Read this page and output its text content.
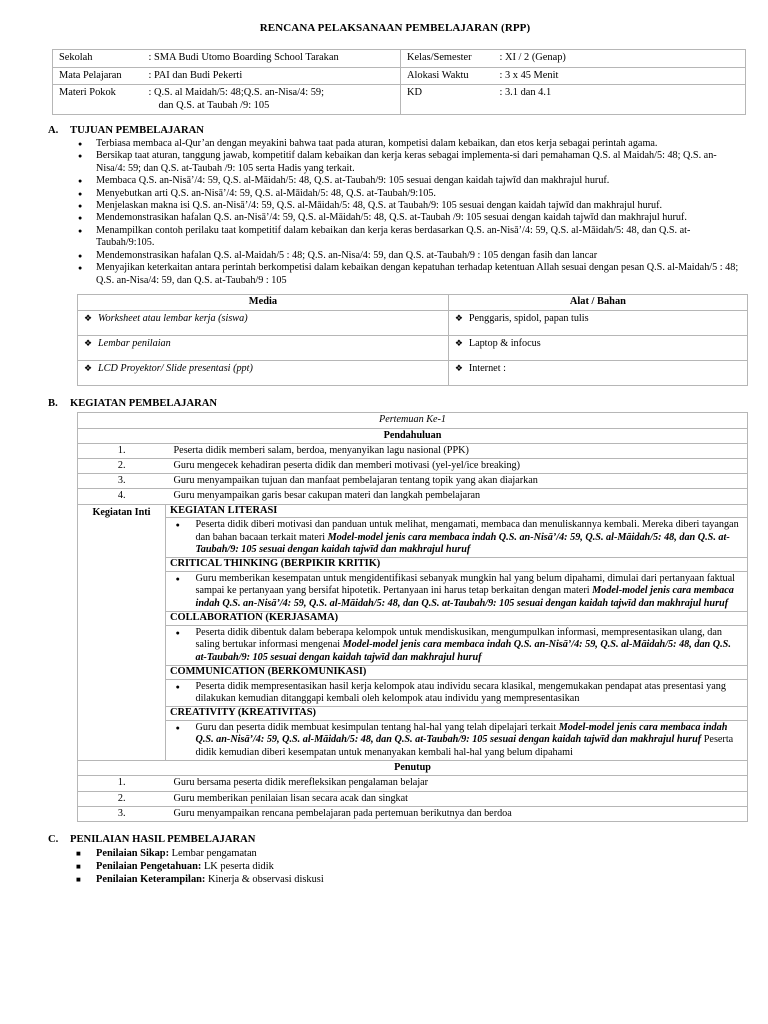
RENCANA PELAKSANAAN PEMBELAJARAN (RPP)
Sekolah	: SMA Budi Utomo Boarding School Tarakan	Kelas/Semester	: XI / 2 (Genap)
Mata Pelajaran	: PAI dan Budi Pekerti	Alokasi Waktu	: 3 x 45 Menit
Materi Pokok	: Q.S. al Maidah/5: 48;Q.S. an-Nisa/4: 59;
dan Q.S. at Taubah /9: 105	KD	: 3.1 dan 4.1
A.	TUJUAN PEMBELAJARAN
● Terbiasa membaca al-Qur’an dengan meyakini bahwa taat pada aturan, kompetisi dalam kebaikan, dan etos kerja sebagai perintah agama.
● Bersikap taat aturan, tanggung jawab, kompetitif dalam kebaikan dan kerja keras sebagai implementa-si dari pemahaman Q.S. al Maidah/5: 48; Q.S. an-Nisa/4: 59; dan Q.S. at-Taubah /9: 105 serta Hadis yang terkait.
● Membaca Q.S. an-Nisā’/4: 59, Q.S. al-Māidah/5: 48, Q.S. at-Taubah/9: 105 sesuai dengan kaidah tajwīd dan makhrajul huruf.
● Menyebutkan arti Q.S. an-Nisā’/4: 59, Q.S. al-Māidah/5: 48, Q.S. at-Taubah/9:105.
● Menjelaskan makna isi Q.S. an-Nisā’/4: 59, Q.S. al-Māidah/5: 48, Q.S. at Taubah/9: 105 sesuai dengan kaidah tajwīd dan makhrajul huruf.
● Mendemonstrasikan hafalan Q.S. an-Nisā’/4: 59, Q.S. al-Māidah/5: 48, Q.S. at-Taubah /9: 105 sesuai dengan kaidah tajwīd dan makhrajul huruf.
● Menampilkan contoh perilaku taat kompetitif dalam kebaikan dan kerja keras berdasarkan Q.S. an-Nisā’/4: 59, Q.S. al-Māidah/5: 48, dan Q.S. at-Taubah/9:105.
● Mendemonstrasikan hafalan Q.S. al-Maidah/5 : 48; Q.S. an-Nisa/4: 59, dan Q.S. at-Taubah/9 : 105 dengan fasih dan lancar
● Menyajikan keterkaitan antara perintah berkompetisi dalam kebaikan dengan kepatuhan terhadap ketentuan Allah sesuai dengan pesan Q.S. al-Maidah/5 : 48; Q.S. an-Nisa/4: 59, dan Q.S. at-Taubah/9 : 105
Media	Alat / Bahan
❖ Worksheet atau lembar kerja (siswa)	❖ Penggaris, spidol, papan tulis
❖ Lembar penilaian	❖ Laptop & infocus
❖ LCD Proyektor/ Slide presentasi (ppt)	❖ Internet :
B.	KEGIATAN PEMBELAJARAN
Pertemuan Ke-1		
Pendahuluan		
1.	Peserta didik memberi salam, berdoa, menyanyikan lagu nasional (PPK)	
2.	Guru mengecek kehadiran peserta didik dan memberi motivasi (yel-yel/ice breaking)	
3.	Guru menyampaikan tujuan dan manfaat pembelajaran tentang topik yang akan diajarkan	
4.	Guru menyampaikan garis besar cakupan materi dan langkah pembelajaran	
Kegiatan Inti	KEGIATAN LITERASI	
	●	Peserta didik diberi motivasi dan panduan untuk melihat, mengamati, membaca dan menuliskannya kembali. Mereka diberi tayangan dan bahan bacaan terkait materi Model-model jenis cara membaca indah Q.S. an-Nisā’/4: 59, Q.S. al-Māidah/5: 48, dan Q.S. at-Taubah/9: 105 sesuai dengan kaidah tajwīd dan makhrajul huruf
	CRITICAL THINKING (BERPIKIR KRITIK)	
	●	Guru memberikan kesempatan untuk mengidentifikasi sebanyak mungkin hal yang belum dipahami, dimulai dari pertanyaan faktual sampai ke pertanyaan yang bersifat hipotetik. Pertanyaan ini harus tetap berkaitan dengan materi Model-model jenis cara membaca indah Q.S. an-Nisā’/4: 59, Q.S. al-Māidah/5: 48, dan Q.S. at-Taubah/9: 105 sesuai dengan kaidah tajwīd dan makhrajul huruf
	COLLABORATION (KERJASAMA)	
	●	Peserta didik dibentuk dalam beberapa kelompok untuk mendiskusikan, mengumpulkan informasi, mempresentasikan ulang, dan saling bertukar informasi mengenai Model-model jenis cara membaca indah Q.S. an-Nisā’/4: 59, Q.S. al-Māidah/5: 48, dan Q.S. at-Taubah/9: 105 sesuai dengan kaidah tajwīd dan makhrajul huruf
	COMMUNICATION (BERKOMUNIKASI)	
	●	Peserta didik mempresentasikan hasil kerja kelompok atau individu secara klasikal, mengemukakan pendapat atas presentasi yang dilakukan kemudian ditanggapi kembali oleh kelompok atau individu yang mempresentasikan
	CREATIVITY (KREATIVITAS)	
	●	Guru dan peserta didik membuat kesimpulan tentang hal-hal yang telah dipelajari terkait Model-model jenis cara membaca indah Q.S. an-Nisā’/4: 59, Q.S. al-Māidah/5: 48, dan Q.S. at-Taubah/9: 105 sesuai dengan kaidah tajwīd dan makhrajul huruf Peserta didik kemudian diberi kesempatan untuk menanyakan kembali hal-hal yang belum dipahami
Penutup		
1.	Guru bersama peserta didik merefleksikan pengalaman belajar	
2.	Guru memberikan penilaian lisan secara acak dan singkat	
3.	Guru menyampaikan rencana pembelajaran pada pertemuan berikutnya dan berdoa	
C.	PENILAIAN HASIL PEMBELAJARAN
■ Penilaian Sikap: Lembar pengamatan
■ Penilaian Pengetahuan: LK peserta didik
■ Penilaian Keterampilan: Kinerja & observasi diskusi
